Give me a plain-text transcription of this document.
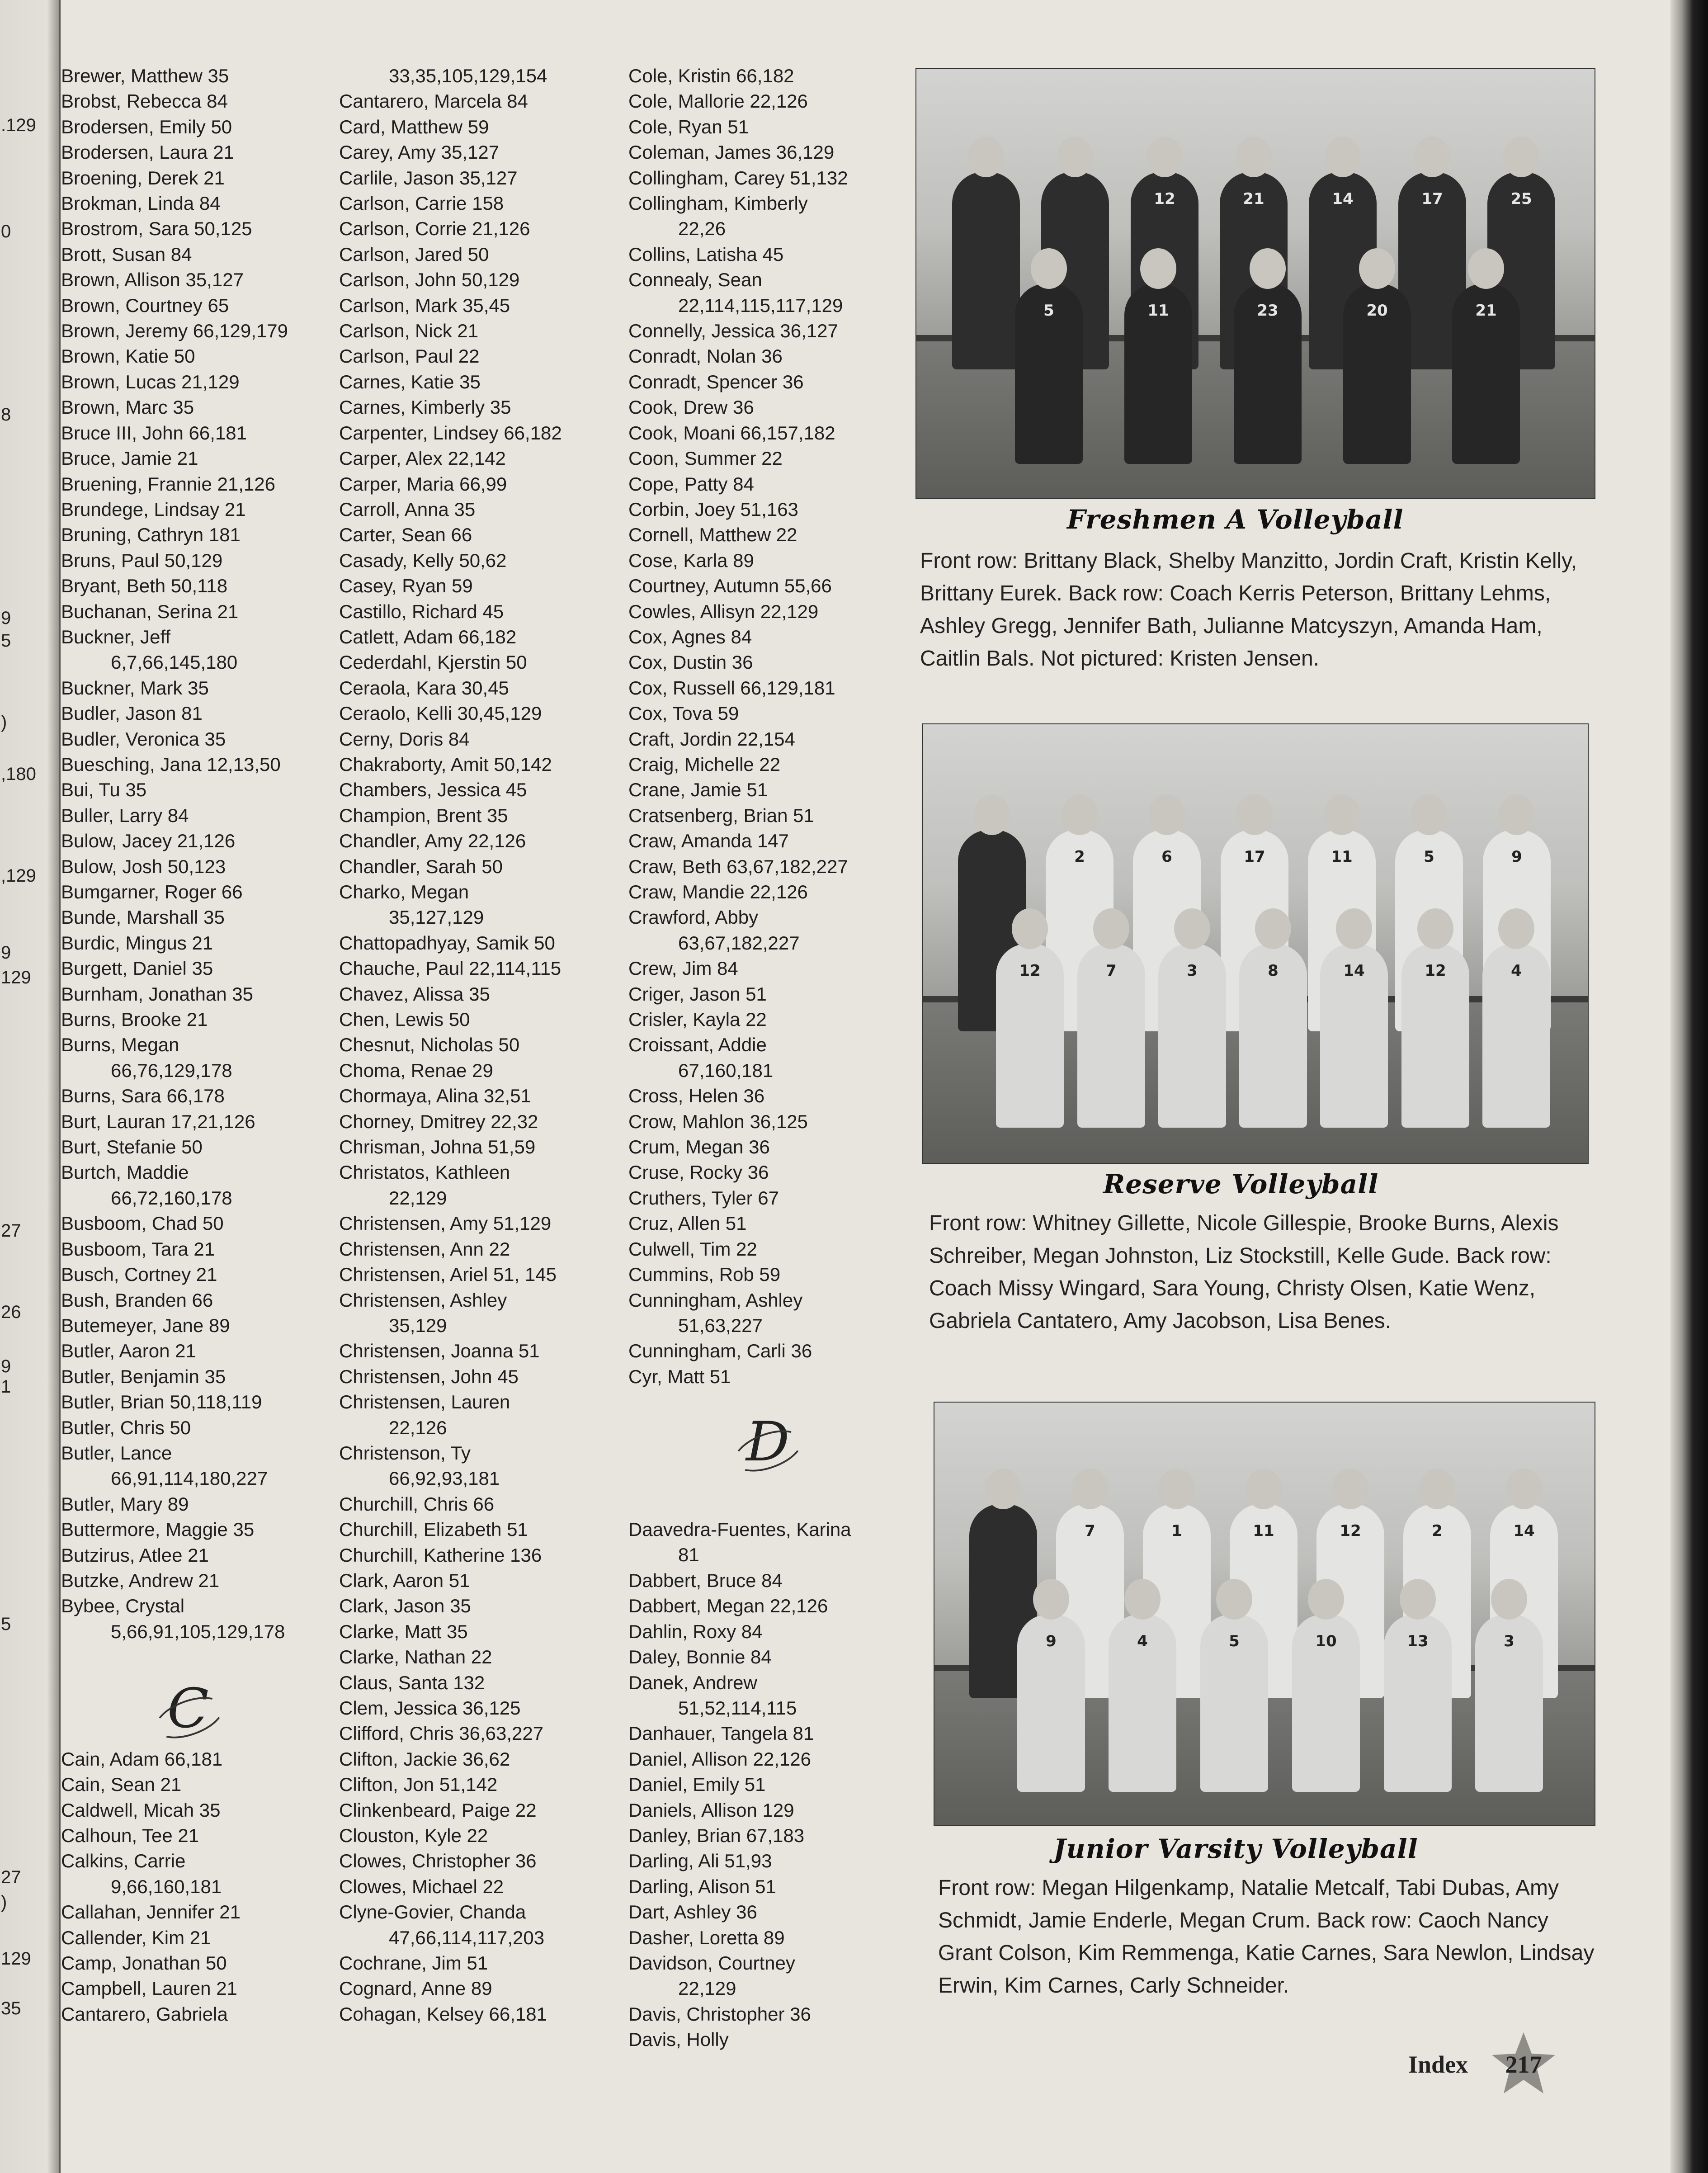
.129
0
8
9
5
)
,180
,129
9
129
27
26
9
1
5
27
)
129
35
Brewer, Matthew 35
Brobst, Rebecca 84
Brodersen, Emily 50
Brodersen, Laura 21
Broening, Derek 21
Brokman, Linda 84
Brostrom, Sara 50,125
Brott, Susan 84
Brown, Allison 35,127
Brown, Courtney 65
Brown, Jeremy 66,129,179
Brown, Katie 50
Brown, Lucas 21,129
Brown, Marc 35
Bruce III, John 66,181
Bruce, Jamie 21
Bruening, Frannie 21,126
Brundege, Lindsay 21
Bruning, Cathryn 181
Bruns, Paul 50,129
Bryant, Beth 50,118
Buchanan, Serina 21
Buckner, Jeff
6,7,66,145,180
Buckner, Mark 35
Budler, Jason 81
Budler, Veronica 35
Buesching, Jana 12,13,50
Bui, Tu 35
Buller, Larry 84
Bulow, Jacey 21,126
Bulow, Josh 50,123
Bumgarner, Roger 66
Bunde, Marshall 35
Burdic, Mingus 21
Burgett, Daniel 35
Burnham, Jonathan 35
Burns, Brooke 21
Burns, Megan
66,76,129,178
Burns, Sara 66,178
Burt, Lauran 17,21,126
Burt, Stefanie 50
Burtch, Maddie
66,72,160,178
Busboom, Chad 50
Busboom, Tara 21
Busch, Cortney 21
Bush, Branden 66
Butemeyer, Jane 89
Butler, Aaron 21
Butler, Benjamin 35
Butler, Brian 50,118,119
Butler, Chris 50
Butler, Lance
66,91,114,180,227
Butler, Mary 89
Buttermore, Maggie 35
Butzirus, Atlee 21
Butzke, Andrew 21
Bybee, Crystal
5,66,91,105,129,178
Cain, Adam 66,181
Cain, Sean 21
Caldwell, Micah 35
Calhoun, Tee 21
Calkins, Carrie
9,66,160,181
Callahan, Jennifer 21
Callender, Kim 21
Camp, Jonathan 50
Campbell, Lauren 21
Cantarero, Gabriela
33,35,105,129,154
Cantarero, Marcela 84
Card, Matthew 59
Carey, Amy 35,127
Carlile, Jason 35,127
Carlson, Carrie 158
Carlson, Corrie 21,126
Carlson, Jared 50
Carlson, John 50,129
Carlson, Mark 35,45
Carlson, Nick 21
Carlson, Paul 22
Carnes, Katie 35
Carnes, Kimberly 35
Carpenter, Lindsey 66,182
Carper, Alex 22,142
Carper, Maria 66,99
Carroll, Anna 35
Carter, Sean 66
Casady, Kelly 50,62
Casey, Ryan 59
Castillo, Richard 45
Catlett, Adam 66,182
Cederdahl, Kjerstin 50
Ceraola, Kara 30,45
Ceraolo, Kelli 30,45,129
Cerny, Doris 84
Chakraborty, Amit 50,142
Chambers, Jessica 45
Champion, Brent 35
Chandler, Amy 22,126
Chandler, Sarah 50
Charko, Megan
35,127,129
Chattopadhyay, Samik 50
Chauche, Paul 22,114,115
Chavez, Alissa 35
Chen, Lewis 50
Chesnut, Nicholas 50
Choma, Renae 29
Chormaya, Alina 32,51
Chorney, Dmitrey 22,32
Chrisman, Johna 51,59
Christatos, Kathleen
22,129
Christensen, Amy 51,129
Christensen, Ann 22
Christensen, Ariel 51, 145
Christensen, Ashley
35,129
Christensen, Joanna 51
Christensen, John 45
Christensen, Lauren
22,126
Christenson, Ty
66,92,93,181
Churchill, Chris 66
Churchill, Elizabeth 51
Churchill, Katherine 136
Clark, Aaron 51
Clark, Jason 35
Clarke, Matt 35
Clarke, Nathan 22
Claus, Santa 132
Clem, Jessica 36,125
Clifford, Chris 36,63,227
Clifton, Jackie 36,62
Clifton, Jon 51,142
Clinkenbeard, Paige 22
Clouston, Kyle 22
Clowes, Christopher 36
Clowes, Michael 22
Clyne-Govier, Chanda
47,66,114,117,203
Cochrane, Jim 51
Cognard, Anne 89
Cohagan, Kelsey 66,181
Cole, Kristin 66,182
Cole, Mallorie 22,126
Cole, Ryan 51
Coleman, James 36,129
Collingham, Carey 51,132
Collingham, Kimberly
22,26
Collins, Latisha 45
Connealy, Sean
22,114,115,117,129
Connelly, Jessica 36,127
Conradt, Nolan 36
Conradt, Spencer 36
Cook, Drew 36
Cook, Moani 66,157,182
Coon, Summer 22
Cope, Patty 84
Corbin, Joey 51,163
Cornell, Matthew 22
Cose, Karla 89
Courtney, Autumn 55,66
Cowles, Allisyn 22,129
Cox, Agnes 84
Cox, Dustin 36
Cox, Russell 66,129,181
Cox, Tova 59
Craft, Jordin 22,154
Craig, Michelle 22
Crane, Jamie 51
Cratsenberg, Brian 51
Craw, Amanda 147
Craw, Beth 63,67,182,227
Craw, Mandie 22,126
Crawford, Abby
63,67,182,227
Crew, Jim 84
Criger, Jason 51
Crisler, Kayla 22
Croissant, Addie
67,160,181
Cross, Helen 36
Crow, Mahlon 36,125
Crum, Megan 36
Cruse, Rocky 36
Cruthers, Tyler 67
Cruz, Allen 51
Culwell, Tim 22
Cummins, Rob 59
Cunningham, Ashley
51,63,227
Cunningham, Carli 36
Cyr, Matt 51
Daavedra-Fuentes, Karina
81
Dabbert, Bruce 84
Dabbert, Megan 22,126
Dahlin, Roxy 84
Daley, Bonnie 84
Danek, Andrew
51,52,114,115
Danhauer, Tangela 81
Daniel, Allison 22,126
Daniel, Emily 51
Daniels, Allison 129
Danley, Brian 67,183
Darling, Ali 51,93
Darling, Alison 51
Dart, Ashley 36
Dasher, Loretta 89
Davidson, Courtney
22,129
Davis, Christopher 36
Davis, Holly
C
D
12	21	14	17	25
5	11	23	20	21
Freshmen A Volleyball
Front row: Brittany Black, Shelby Manzitto, Jordin Craft, Kristin Kelly, Brittany Eurek. Back row: Coach Kerris Peterson, Brittany Lehms, Ashley Gregg, Jennifer Bath, Julianne Matcyszyn, Amanda Ham, Caitlin Bals. Not pictured: Kristen Jensen.
2	6	17	11	5	9
12	7	3	8	14	12	4
Reserve Volleyball
Front row: Whitney Gillette, Nicole Gillespie, Brooke Burns, Alexis Schreiber, Megan Johnston, Liz Stockstill, Kelle Gude. Back row: Coach Missy Wingard, Sara Young, Christy Olsen, Katie Wenz, Gabriela Cantatero, Amy Jacobson, Lisa Benes.
7	1	11	12	2	14
9	4	5	10	13	3
Junior Varsity Volleyball
Front row: Megan Hilgenkamp, Natalie Metcalf, Tabi Dubas, Amy Schmidt, Jamie Enderle, Megan Crum. Back row: Caoch Nancy Grant Colson, Kim Remmenga, Katie Carnes, Sara Newlon, Lindsay Erwin, Kim Carnes, Carly Schneider.
Index 217
